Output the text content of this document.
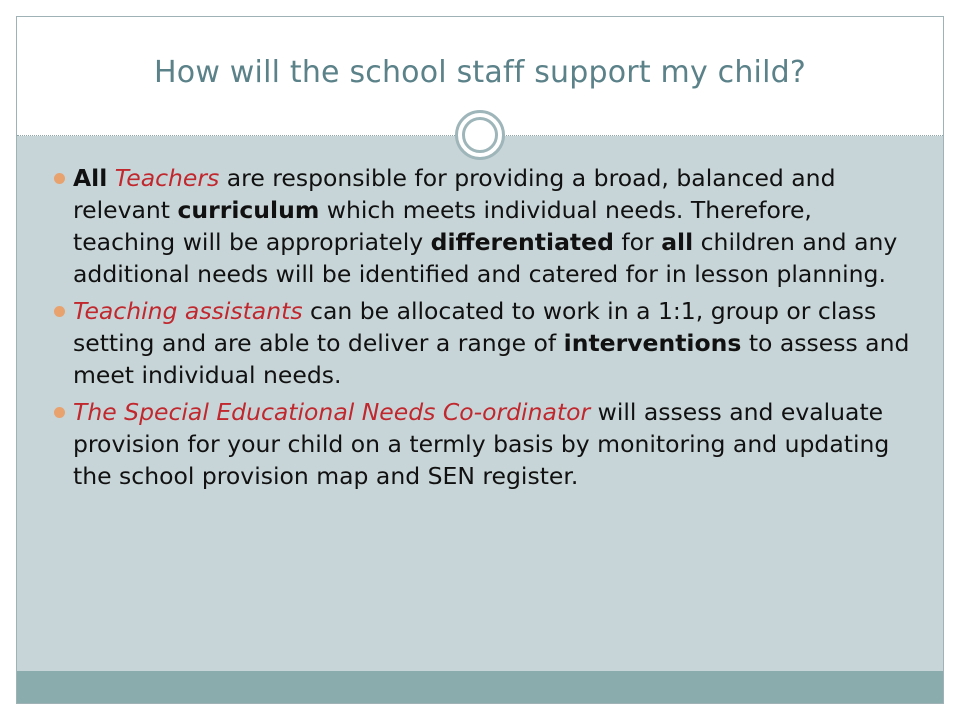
How will the school staff support my child?
All Teachers are responsible for providing a broad, balanced and relevant curriculum which meets individual needs. Therefore, teaching will be appropriately differentiated for all children and any additional needs will be identified and catered for in lesson planning.
Teaching assistants can be allocated to work in a 1:1, group or class setting and are able to deliver a range of interventions to assess and meet individual needs.
The Special Educational Needs Co-ordinator will assess and evaluate provision for your child on a termly basis by monitoring and updating the school provision map and SEN register.
